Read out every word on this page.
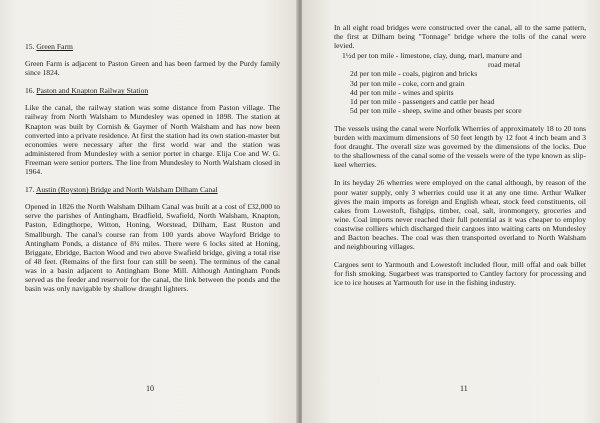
15. Green Farm

Green Farm is adjacent to Paston Green and has been farmed by the Purdy family since 1824.

16. Paston and Knapton Railway Station

Like the canal, the railway station was some distance from Paston village. The railway from North Walsham to Mundesley was opened in 1898. The station at Knapton was built by Cornish & Gaymer of North Walsham and has now been converted into a private residence. At first the station had its own station-master but economies were necessary after the first world war and the station was administered from Mundesley with a senior porter in charge. Elija Coe and W. G. Freeman were senior porters. The line from Mundesley to North Walsham closed in 1964.

17. Austin (Royston) Bridge and North Walsham Dilham Canal

Opened in 1826 the North Walsham Dilham Canal was built at a cost of £32,000 to serve the parishes of Antingham, Bradfield, Swafield, North Walsham, Knapton, Paston, Edingthorpe, Witton, Honing, Worstead, Dilham, East Ruston and Smallburgh. The canal's course ran from 100 yards above Wayford Bridge to Antingham Ponds, a distance of 8¾ miles. There were 6 locks sited at Honing, Briggate, Ebridge, Bacton Wood and two above Swafield bridge, giving a total rise of 48 feet. (Remains of the first four can still be seen). The terminus of the canal was in a basin adjacent to Antingham Bone Mill. Although Antingham Ponds served as the feeder and reservoir for the canal, the link between the ponds and the basin was only navigable by shallow draught lighters.

10

In all eight road bridges were constructed over the canal, all to the same pattern, the first at Dilham being "Tonnage" bridge where the tolls of the canal were levied.

1½d per ton mile - limestone, clay, dung, marl, manure and
road metal
2d per ton mile - coals, pigiron and bricks
3d per ton mile - coke, corn and grain
4d per ton mile - wines and spirits
1d per ton mile - passengers and cattle per head
5d per ton mile - sheep, swine and other beasts per score

The vessels using the canal were Norfolk Wherries of approximately 18 to 20 tons burden with maximum dimensions of 50 feet length by 12 foot 4 inch beam and 3 foot draught. The overall size was governed by the dimensions of the locks. Due to the shallowness of the canal some of the vessels were of the type known as slip-keel wherries.

In its heyday 26 wherries were employed on the canal although, by reason of the poor water supply, only 3 wherries could use it at any one time. Arthur Walker gives the main imports as foreign and English wheat, stock feed constituents, oil cakes from Lowestoft, fishgips, timber, coal, salt, ironmongery, groceries and wine. Coal imports never reached their full potential as it was cheaper to employ coastwise colliers which discharged their cargoes into waiting carts on Mundesley and Bacton beaches. The coal was then transported overland to North Walsham and neighbouring villages.

Cargoes sent to Yarmouth and Lowestoft included flour, mill offal and oak billet for fish smoking. Sugarbeet was transported to Cantley factory for processing and ice to ice houses at Yarmouth for use in the fishing industry.

11
